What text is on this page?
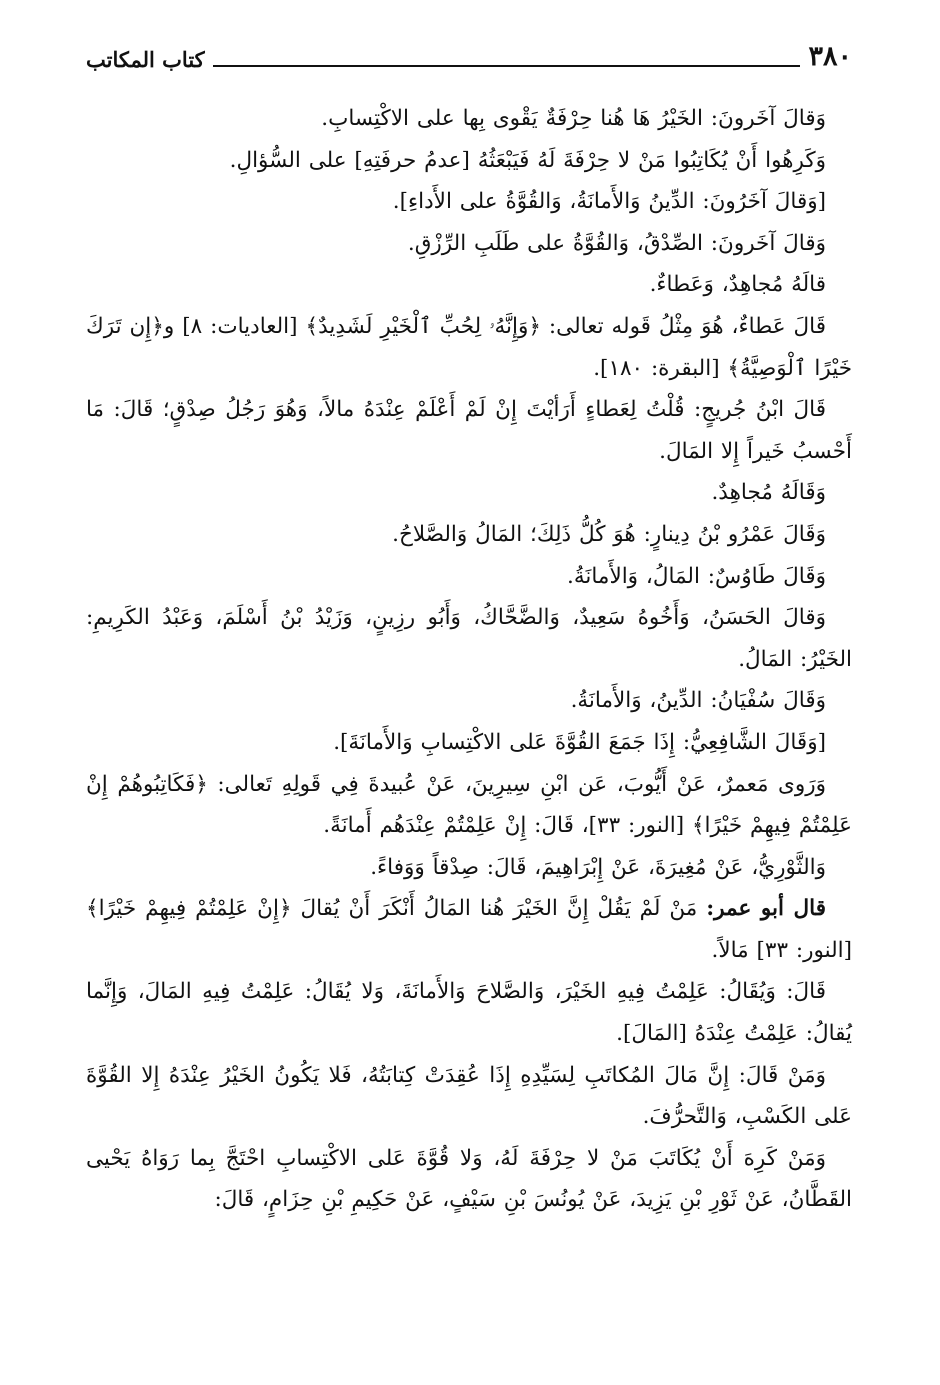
٣٨٠
كتاب المكاتب

وَقالَ آخَرونَ: الخَيْرُ هَا هُنا حِرْفَةٌ يَقْوى بِها على الاكْتِسابِ.

وَكَرِهُوا أَنْ يُكَاتِبُوا مَنْ لا حِرْفَةَ لَهُ فَيَبْعَثُهُ [عدمُ حرفَتِهِ] على السُّؤالِ.

[وَقالَ آخَرُونَ: الدِّينُ وَالأَمانَةُ، وَالقُوَّةُ على الأَداءِ].

وَقالَ آخَرونَ: الصِّدْقُ، وَالقُوَّةُ على طَلَبِ الرِّزْقِ.

قالَهُ مُجاهِدٌ، وَعَطاءٌ.

قَالَ عَطاءٌ، هُوَ مِثْلُ قَوله تعالى: ﴿وَإِنَّهُۥ لِحُبِّ ٱلْخَيْرِ لَشَدِيدٌ﴾ [العاديات: ٨] و﴿إِن تَرَكَ خَيْرًا ٱلْوَصِيَّةُ﴾ [البقرة: ١٨٠].

قَالَ ابْنُ جُريجٍ: قُلْتُ لِعَطاءٍ أَرَأيْتَ إِنْ لَمْ أَعْلَمْ عِنْدَهُ مالاً، وَهُوَ رَجُلُ صِدْقٍ؛ قَالَ: مَا أَحْسبُ خَيراً إِلا المَالَ.

وَقَالَهُ مُجاهِدٌ.

وَقَالَ عَمْرُو بْنُ دِينارٍ: هُوَ كُلُّ ذَلِكَ؛ المَالُ وَالصَّلاحُ.

وَقَالَ طَاوُسٌ: المَالُ، وَالأَمانَةُ.

وَقالَ الحَسَنُ، وَأَخُوهُ سَعِيدٌ، وَالضَّحَّاكُ، وَأَبُو رزِينٍ، وَزَيْدُ بْنُ أَسْلَمَ، وَعَبْدُ الكَرِيمِ: الخَيْرُ: المَالُ.

وَقَالَ سُفْيَانُ: الدِّينُ، وَالأَمانَةُ.

[وَقَالَ الشَّافِعِيُّ: إِذَا جَمَعَ القُوَّةَ عَلى الاكْتِسابِ وَالأَمانَةَ].

وَرَوى مَعمرٌ، عَنْ أَيُّوبَ، عَن ابْنِ سِيرِينَ، عَنْ عُبيدةَ فِي قَولِهِ تَعالى: ﴿فَكَاتِبُوهُمْ إِنْ عَلِمْتُمْ فِيهِمْ خَيْرًا﴾ [النور: ٣٣]، قَالَ: إِنْ عَلِمْتُمْ عِنْدَهُم أَمانَةً.

وَالثَّوْرِيُّ، عَنْ مُغِيرَةَ، عَنْ إِبْرَاهِيمَ، قَالَ: صِدْقاً وَوَفاءً.

قال أبو عمر: مَنْ لَمْ يَقُلْ إِنَّ الخَيْرَ هُنا المَالُ أَنْكَرَ أَنْ يُقالَ ﴿إِنْ عَلِمْتُمْ فِيهِمْ خَيْرًا﴾ [النور: ٣٣] مَالاً.

قَالَ: وَيُقَالُ: عَلِمْتُ فِيهِ الخَيْرَ، وَالصَّلاحَ وَالأَمانَةَ، وَلا يُقَالُ: عَلِمْتُ فِيهِ المَالَ، وَإِنَّما يُقالُ: عَلِمْتُ عِنْدَهُ [المَالَ].

وَمَنْ قَالَ: إِنَّ مَالَ المُكاتَبِ لِسَيِّدِهِ إِذَا عُقِدَتْ كِتابَتُهُ، فَلا يَكُونُ الخَيْرُ عِنْدَهُ إِلا القُوَّةَ عَلى الكَسْبِ، وَالتَّحرُّفَ.

وَمَنْ كَرِهَ أَنْ يُكَاتَبَ مَنْ لا حِرْفَةَ لَهُ، وَلا قُوَّةَ عَلى الاكْتِسابِ احْتَجَّ بِما رَوَاهُ يَحْيى القَطَّانُ، عَنْ ثَوْرِ بْنِ يَزِيدَ، عَنْ يُونُسَ بْنِ سَيْفٍ، عَنْ حَكِيمِ بْنِ حِزَامٍ، قَالَ:
